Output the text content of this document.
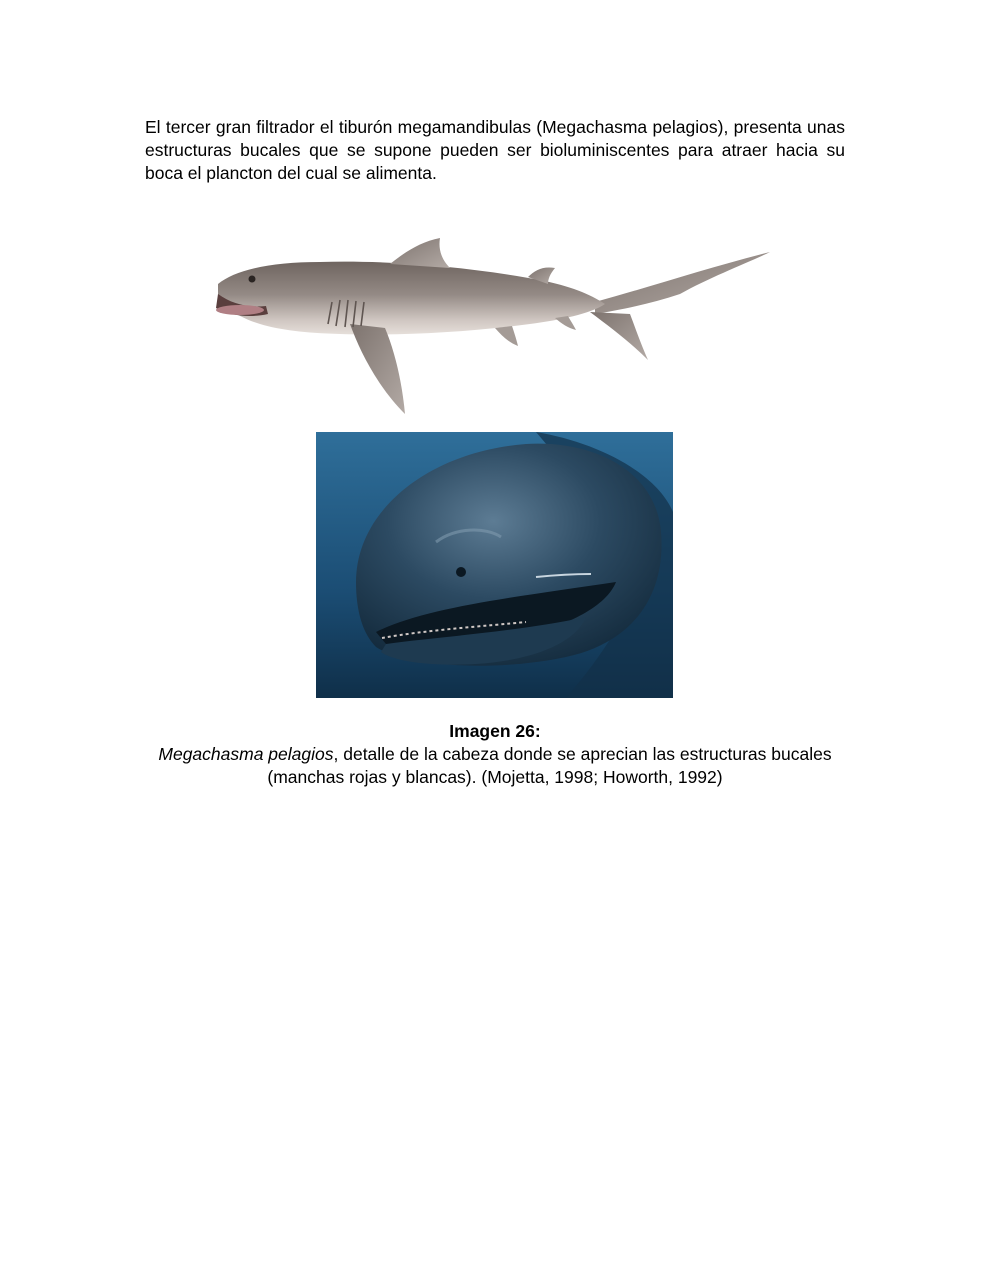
El tercer gran filtrador el tiburón megamandibulas (Megachasma pelagios), presenta unas estructuras bucales que se supone pueden ser bioluminiscentes para atraer hacia su boca el plancton del cual se alimenta.

Imagen 26:
Megachasma pelagios, detalle de la cabeza donde se aprecian las estructuras bucales (manchas rojas y blancas). (Mojetta, 1998; Howorth, 1992)
